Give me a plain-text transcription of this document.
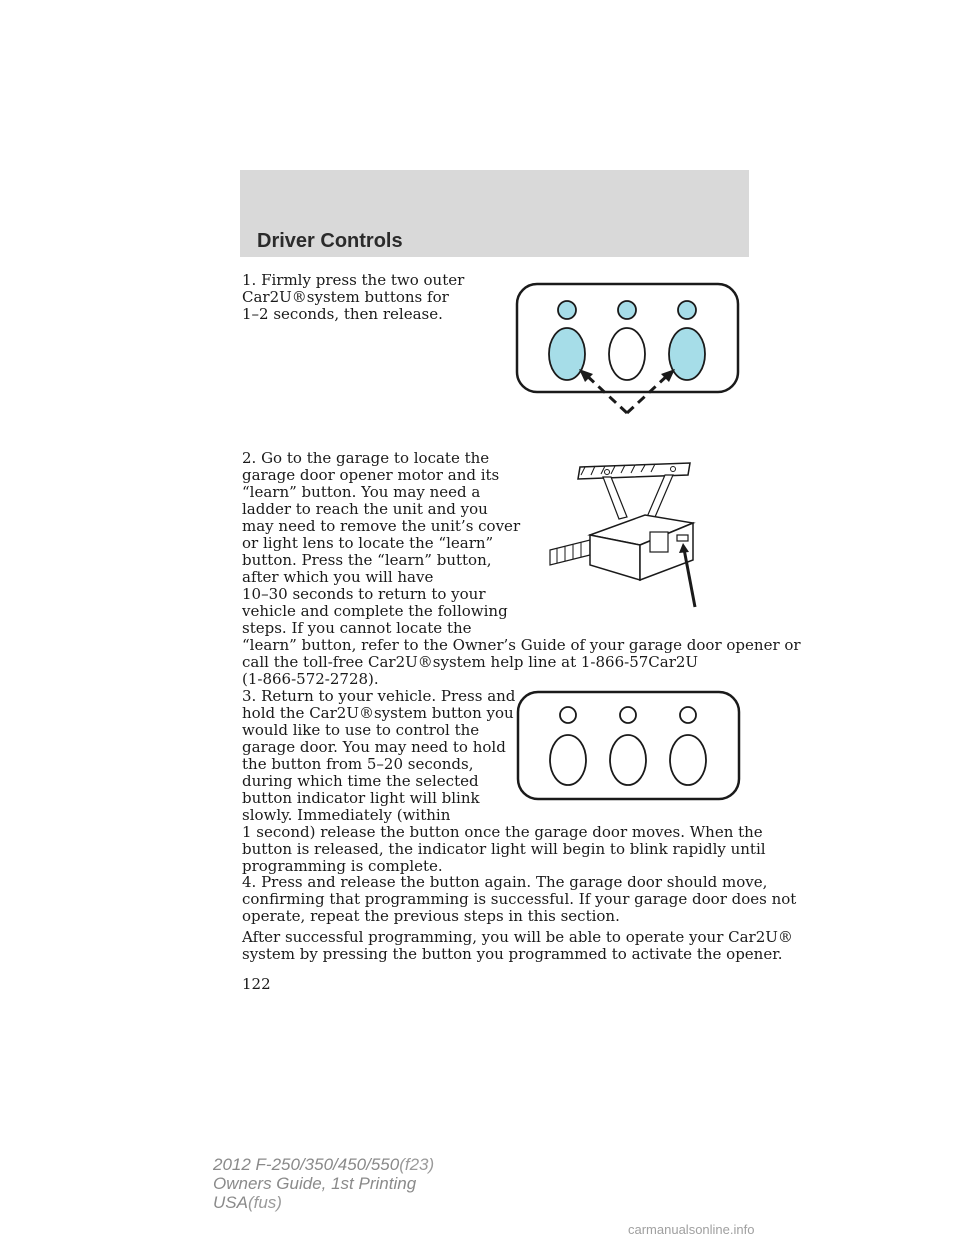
Driver Controls
1. Firmly press the two outer
Car2U®system buttons for
1–2 seconds, then release.
2. Go to the garage to locate the
garage door opener motor and its
“learn” button. You may need a
ladder to reach the unit and you
may need to remove the unit’s cover
or light lens to locate the “learn”
button. Press the “learn” button,
after which you will have
10–30 seconds to return to your
vehicle and complete the following
steps. If you cannot locate the
“learn” button, refer to the Owner’s Guide of your garage door opener or
call the toll-free Car2U®system help line at 1-866-57Car2U
(1-866-572-2728).
3. Return to your vehicle. Press and
hold the Car2U®system button you
would like to use to control the
garage door. You may need to hold
the button from 5–20 seconds,
during which time the selected
button indicator light will blink
slowly. Immediately (within
1 second) release the button once the garage door moves. When the
button is released, the indicator light will begin to blink rapidly until
programming is complete.
4. Press and release the button again. The garage door should move,
confirming that programming is successful. If your garage door does not
operate, repeat the previous steps in this section.
After successful programming, you will be able to operate your Car2U®
system by pressing the button you programmed to activate the opener.
122
2012 F-250/350/450/550(f23)
Owners Guide, 1st Printing
USA(fus)
carmanualsonline.info
